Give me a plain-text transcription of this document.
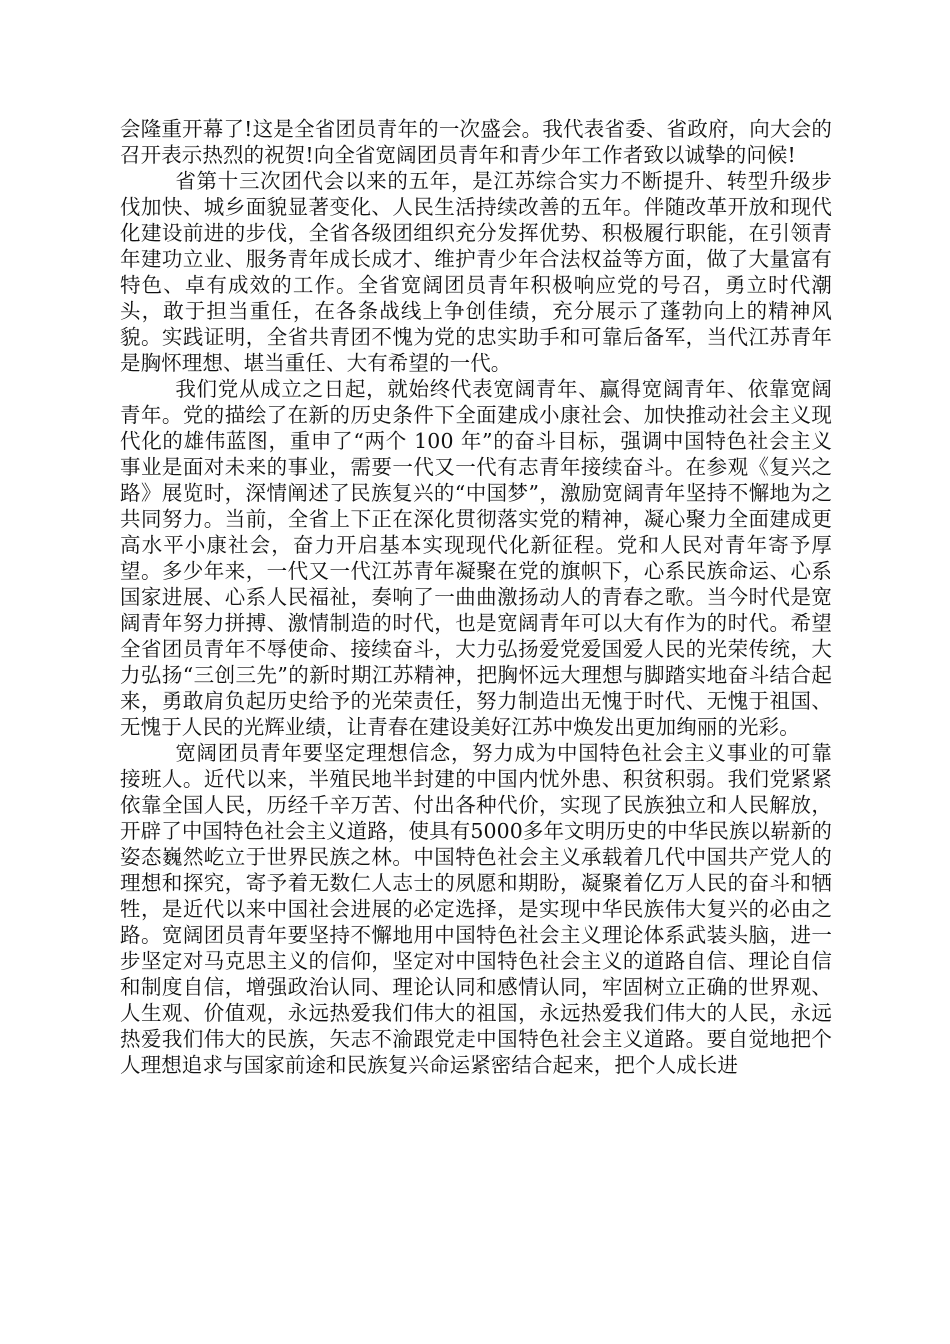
会隆重开幕了!这是全省团员青年的一次盛会。我代表省委、省政府，向大会的召开表示热烈的祝贺!向全省宽阔团员青年和青少年工作者致以诚挚的问候!

省第十三次团代会以来的五年，是江苏综合实力不断提升、转型升级步伐加快、城乡面貌显著变化、人民生活持续改善的五年。伴随改革开放和现代化建设前进的步伐，全省各级团组织充分发挥优势、积极履行职能，在引领青年建功立业、服务青年成长成才、维护青少年合法权益等方面，做了大量富有特色、卓有成效的工作。全省宽阔团员青年积极响应党的号召，勇立时代潮头，敢于担当重任，在各条战线上争创佳绩，充分展示了蓬勃向上的精神风貌。实践证明，全省共青团不愧为党的忠实助手和可靠后备军，当代江苏青年是胸怀理想、堪当重任、大有希望的一代。

我们党从成立之日起，就始终代表宽阔青年、赢得宽阔青年、依靠宽阔青年。党的描绘了在新的历史条件下全面建成小康社会、加快推动社会主义现代化的雄伟蓝图，重申了“两个 100 年”的奋斗目标，强调中国特色社会主义事业是面对未来的事业，需要一代又一代有志青年接续奋斗。在参观《复兴之路》展览时，深情阐述了民族复兴的“中国梦”，激励宽阔青年坚持不懈地为之共同努力。当前，全省上下正在深化贯彻落实党的精神，凝心聚力全面建成更高水平小康社会，奋力开启基本实现现代化新征程。党和人民对青年寄予厚望。多少年来，一代又一代江苏青年凝聚在党的旗帜下，心系民族命运、心系国家进展、心系人民福祉，奏响了一曲曲激扬动人的青春之歌。当今时代是宽阔青年努力拼搏、激情制造的时代，也是宽阔青年可以大有作为的时代。希望全省团员青年不辱使命、接续奋斗，大力弘扬爱党爱国爱人民的光荣传统，大力弘扬“三创三先”的新时期江苏精神，把胸怀远大理想与脚踏实地奋斗结合起来，勇敢肩负起历史给予的光荣责任，努力制造出无愧于时代、无愧于祖国、无愧于人民的光辉业绩，让青春在建设美好江苏中焕发出更加绚丽的光彩。

宽阔团员青年要坚定理想信念，努力成为中国特色社会主义事业的可靠接班人。近代以来，半殖民地半封建的中国内忧外患、积贫积弱。我们党紧紧依靠全国人民，历经千辛万苦、付出各种代价，实现了民族独立和人民解放，开辟了中国特色社会主义道路，使具有5000多年文明历史的中华民族以崭新的姿态巍然屹立于世界民族之林。中国特色社会主义承载着几代中国共产党人的理想和探究，寄予着无数仁人志士的夙愿和期盼，凝聚着亿万人民的奋斗和牺牲，是近代以来中国社会进展的必定选择，是实现中华民族伟大复兴的必由之路。宽阔团员青年要坚持不懈地用中国特色社会主义理论体系武装头脑，进一步坚定对马克思主义的信仰，坚定对中国特色社会主义的道路自信、理论自信和制度自信，增强政治认同、理论认同和感情认同，牢固树立正确的世界观、人生观、价值观，永远热爱我们伟大的祖国，永远热爱我们伟大的人民，永远热爱我们伟大的民族，矢志不渝跟党走中国特色社会主义道路。要自觉地把个人理想追求与国家前途和民族复兴命运紧密结合起来，把个人成长进
